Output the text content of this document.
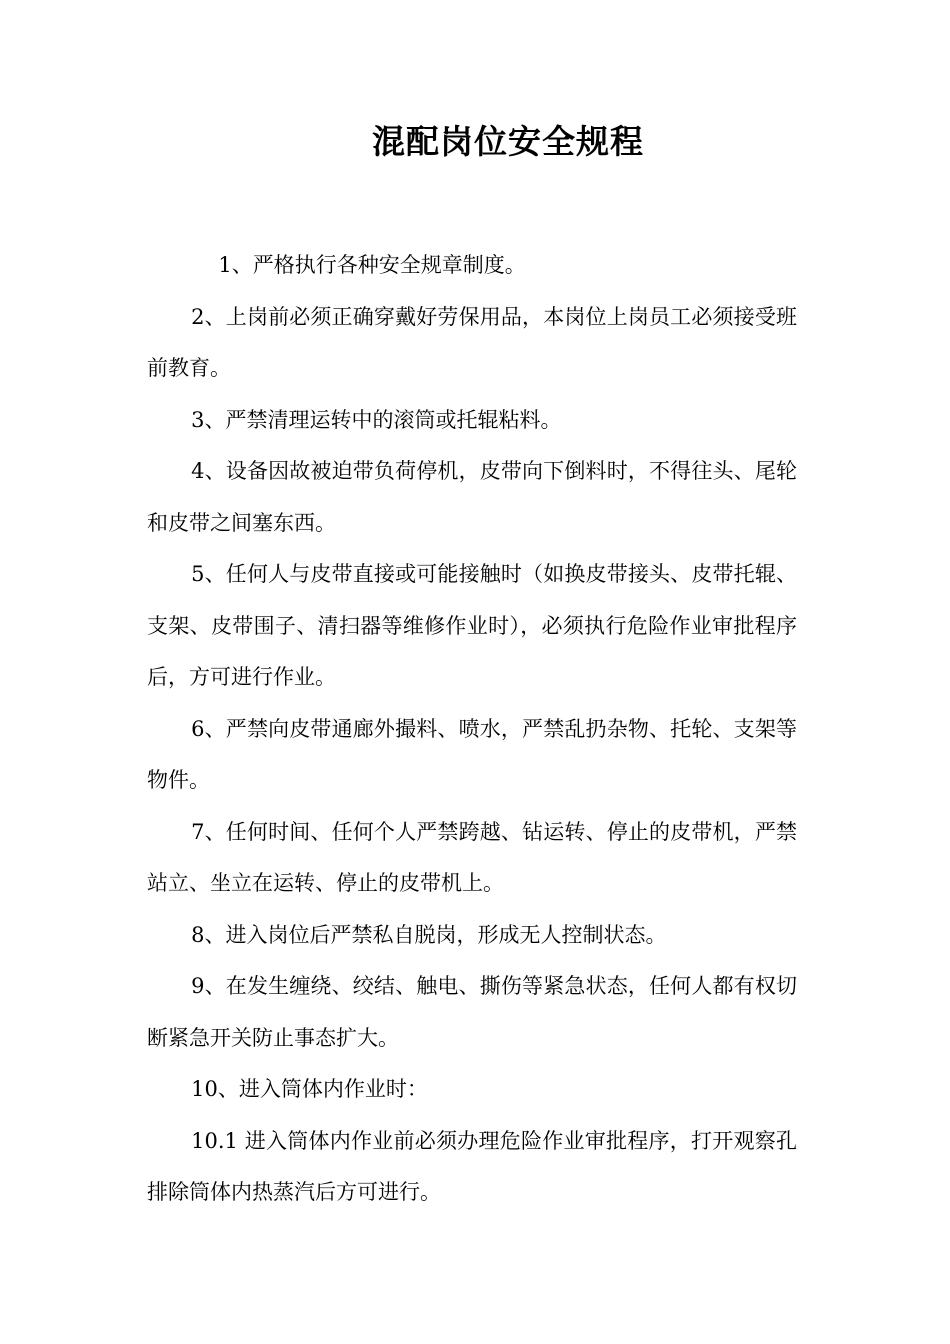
混配岗位安全规程

1、严格执行各种安全规章制度。

2、上岗前必须正确穿戴好劳保用品，本岗位上岗员工必须接受班前教育。

3、严禁清理运转中的滚筒或托辊粘料。

4、设备因故被迫带负荷停机，皮带向下倒料时，不得往头、尾轮和皮带之间塞东西。

5、任何人与皮带直接或可能接触时（如换皮带接头、皮带托辊、支架、皮带围子、清扫器等维修作业时），必须执行危险作业审批程序后，方可进行作业。

6、严禁向皮带通廊外撮料、喷水，严禁乱扔杂物、托轮、支架等物件。

7、任何时间、任何个人严禁跨越、钻运转、停止的皮带机，严禁站立、坐立在运转、停止的皮带机上。

8、进入岗位后严禁私自脱岗，形成无人控制状态。

9、在发生缠绕、绞结、触电、撕伤等紧急状态，任何人都有权切断紧急开关防止事态扩大。

10、进入筒体内作业时：

10.1 进入筒体内作业前必须办理危险作业审批程序，打开观察孔排除筒体内热蒸汽后方可进行。
